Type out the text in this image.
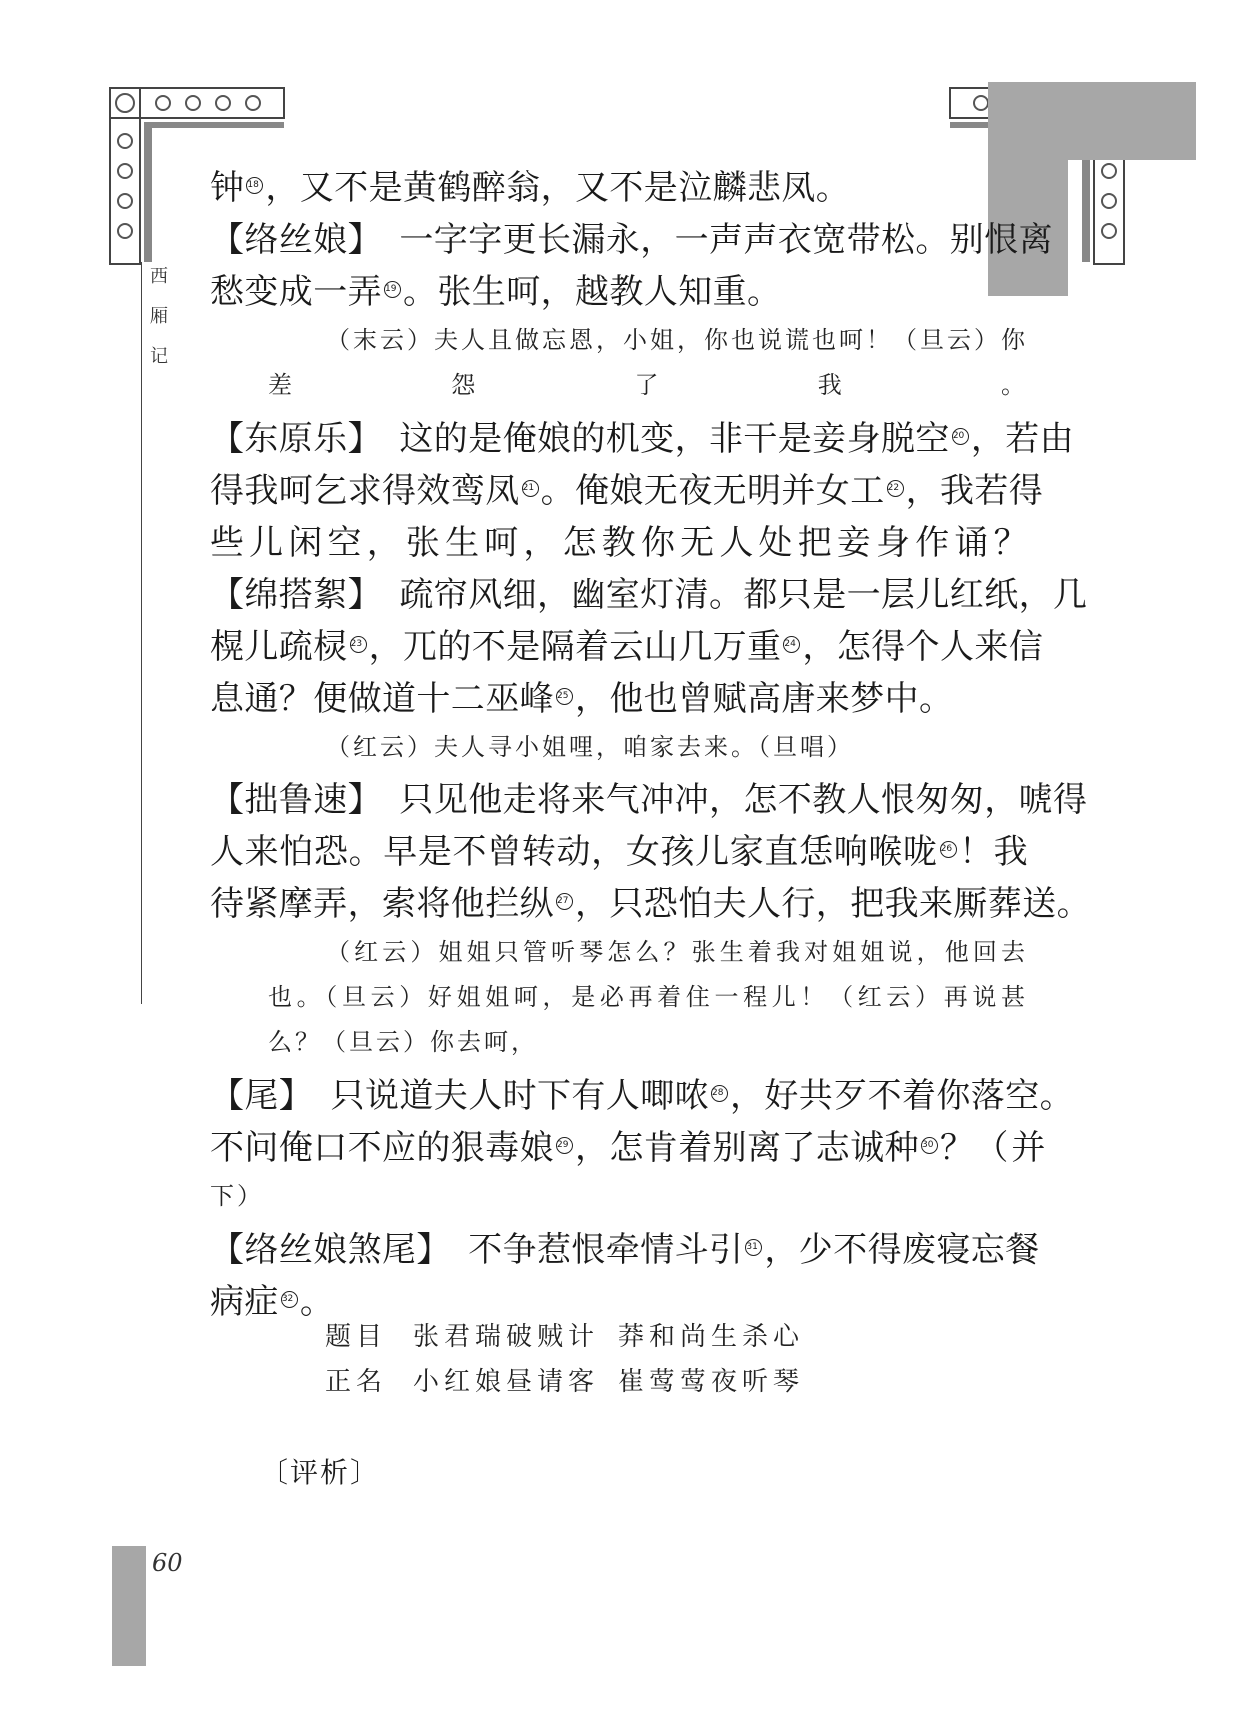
西
厢
记
60
钟 18 ，又不是黄鹤醉翁，又不是泣麟悲凤。
【络丝娘】　一字字更长漏永，一声声衣宽带松。别恨离
愁变成一弄 19 。张生呵，越教人知重。
（末云）夫人且做忘恩，小姐，你也说谎也呵！（旦云）你
差怨了我。
【东原乐】　这的是俺娘的机变，非干是妾身脱空 20 ，若由
得我呵乞求得效鸾凤 21 。俺娘无夜无明并女工 22 ，我若得
些儿闲空，张生呵，怎教你无人处把妾身作诵？
【绵搭絮】　疏帘风细，幽室灯清。都只是一层儿红纸，几
榥儿疏棂 23 ，兀的不是隔着云山几万重 24 ，怎得个人来信
息通？便做道十二巫峰 25 ，他也曾赋高唐来梦中。
（红云）夫人寻小姐哩，咱家去来。（旦唱）
【拙鲁速】　只见他走将来气冲冲，怎不教人恨匆匆，唬得
人来怕恐。早是不曾转动，女孩儿家直恁响喉咙 26 ！我
待紧摩弄，索将他拦纵 27 ，只恐怕夫人行，把我来厮葬送。
（红云）姐姐只管听琴怎么？张生着我对姐姐说，他回去
也。（旦云）好姐姐呵，是必再着住一程儿！（红云）再说甚
么？（旦云）你去呵，
【尾】　只说道夫人时下有人唧哝 28 ，好共歹不着你落空。
不问俺口不应的狠毒娘 29 ，怎肯着别离了志诚种 30 ？（并
下）
【络丝娘煞尾】　不争惹恨牵情斗引 31 ，少不得废寝忘餐
病症 32 。
题目 张君瑞破贼计 莽和尚生杀心
正名 小红娘昼请客 崔莺莺夜听琴
〔评析〕
